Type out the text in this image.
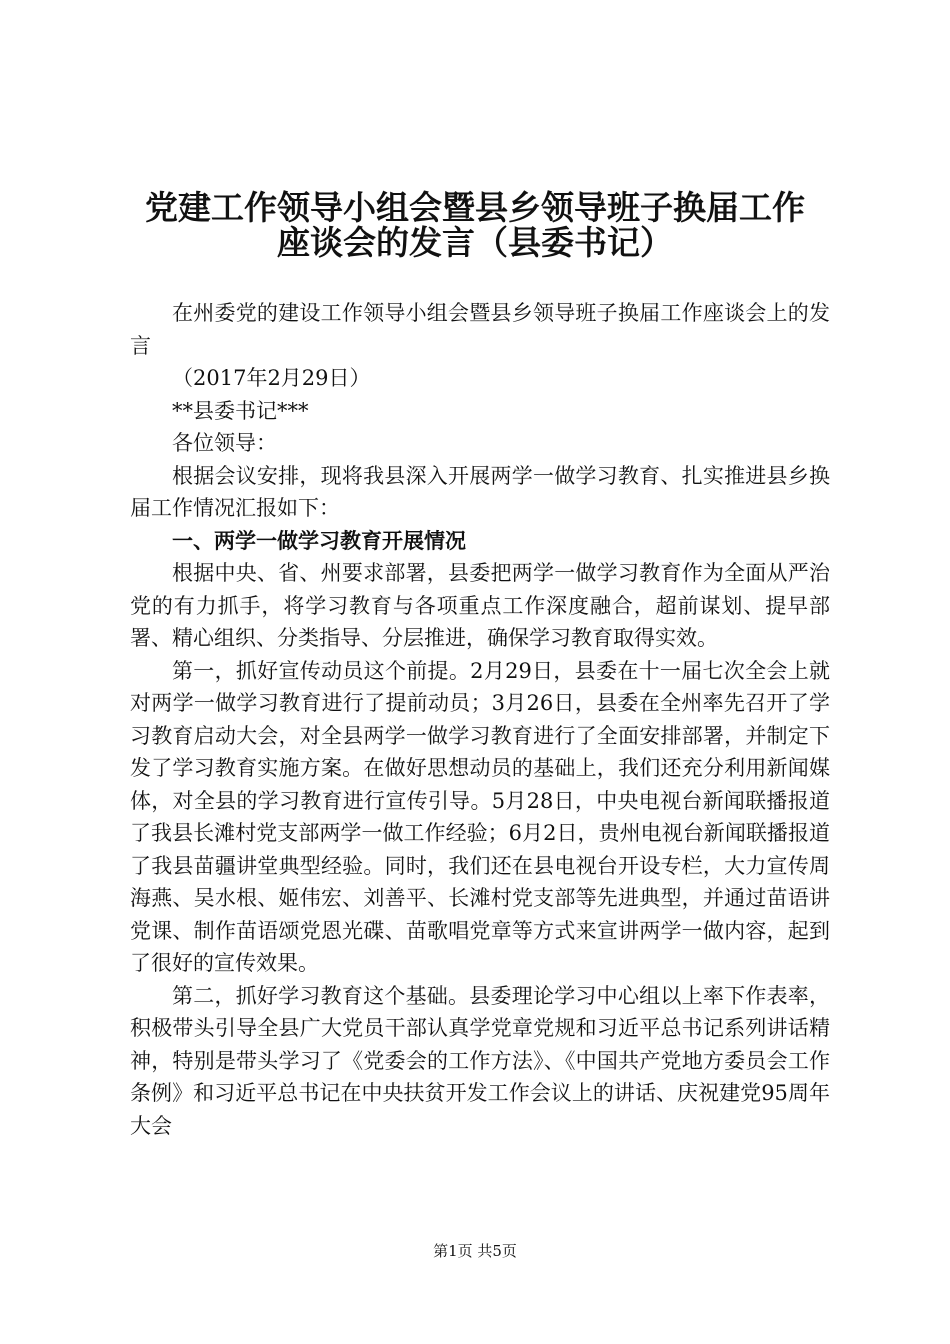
党建工作领导小组会暨县乡领导班子换届工作
座谈会的发言（县委书记）

在州委党的建设工作领导小组会暨县乡领导班子换届工作座谈会上的发言

（2017年2月29日）

**县委书记***

各位领导：

根据会议安排，现将我县深入开展两学一做学习教育、扎实推进县乡换届工作情况汇报如下：

一、两学一做学习教育开展情况

根据中央、省、州要求部署，县委把两学一做学习教育作为全面从严治党的有力抓手，将学习教育与各项重点工作深度融合，超前谋划、提早部署、精心组织、分类指导、分层推进，确保学习教育取得实效。

第一，抓好宣传动员这个前提。2月29日，县委在十一届七次全会上就对两学一做学习教育进行了提前动员；3月26日，县委在全州率先召开了学习教育启动大会，对全县两学一做学习教育进行了全面安排部署，并制定下发了学习教育实施方案。在做好思想动员的基础上，我们还充分利用新闻媒体，对全县的学习教育进行宣传引导。5月28日，中央电视台新闻联播报道了我县长滩村党支部两学一做工作经验；6月2日，贵州电视台新闻联播报道了我县苗疆讲堂典型经验。同时，我们还在县电视台开设专栏，大力宣传周海燕、吴水根、姬伟宏、刘善平、长滩村党支部等先进典型，并通过苗语讲党课、制作苗语颂党恩光碟、苗歌唱党章等方式来宣讲两学一做内容，起到了很好的宣传效果。

第二，抓好学习教育这个基础。县委理论学习中心组以上率下作表率，积极带头引导全县广大党员干部认真学党章党规和习近平总书记系列讲话精神，特别是带头学习了《党委会的工作方法》、《中国共产党地方委员会工作条例》和习近平总书记在中央扶贫开发工作会议上的讲话、庆祝建党95周年大会

第1页 共5页
